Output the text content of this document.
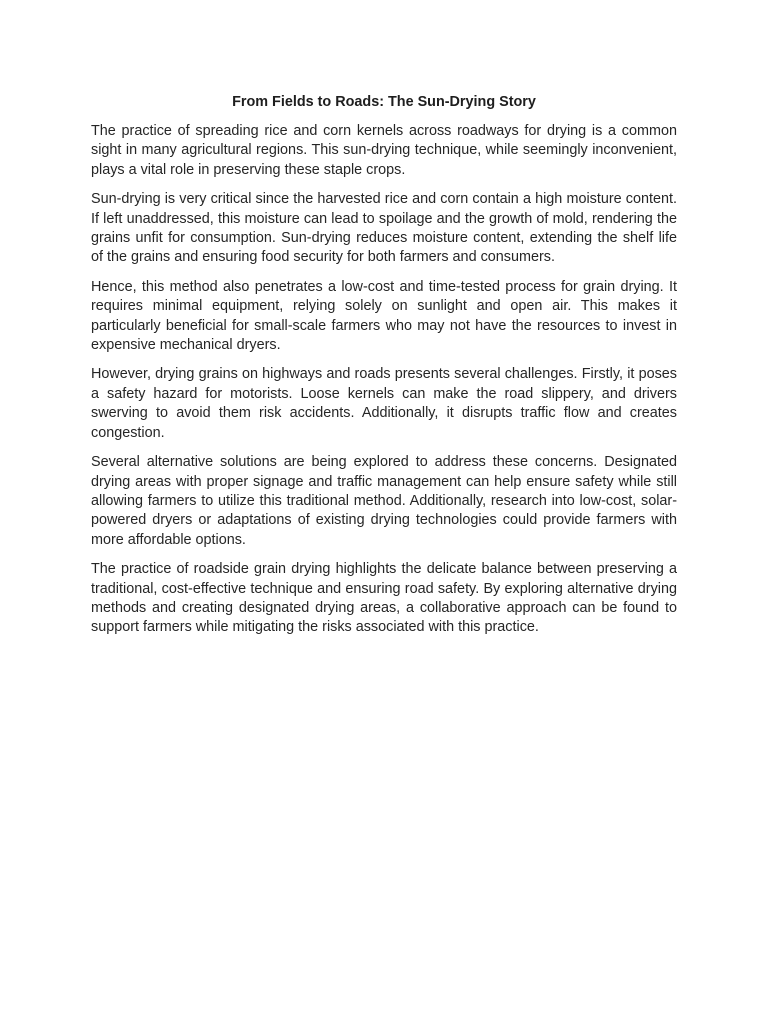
From Fields to Roads: The Sun-Drying Story

The practice of spreading rice and corn kernels across roadways for drying is a common sight in many agricultural regions. This sun-drying technique, while seemingly inconvenient, plays a vital role in preserving these staple crops.

Sun-drying is very critical since the harvested rice and corn contain a high moisture content. If left unaddressed, this moisture can lead to spoilage and the growth of mold, rendering the grains unfit for consumption. Sun-drying reduces moisture content, extending the shelf life of the grains and ensuring food security for both farmers and consumers.

Hence, this method also penetrates a low-cost and time-tested process for grain drying. It requires minimal equipment, relying solely on sunlight and open air. This makes it particularly beneficial for small-scale farmers who may not have the resources to invest in expensive mechanical dryers.

However, drying grains on highways and roads presents several challenges. Firstly, it poses a safety hazard for motorists. Loose kernels can make the road slippery, and drivers swerving to avoid them risk accidents. Additionally, it disrupts traffic flow and creates congestion.

Several alternative solutions are being explored to address these concerns. Designated drying areas with proper signage and traffic management can help ensure safety while still allowing farmers to utilize this traditional method. Additionally, research into low-cost, solar-powered dryers or adaptations of existing drying technologies could provide farmers with more affordable options.

The practice of roadside grain drying highlights the delicate balance between preserving a traditional, cost-effective technique and ensuring road safety. By exploring alternative drying methods and creating designated drying areas, a collaborative approach can be found to support farmers while mitigating the risks associated with this practice.
